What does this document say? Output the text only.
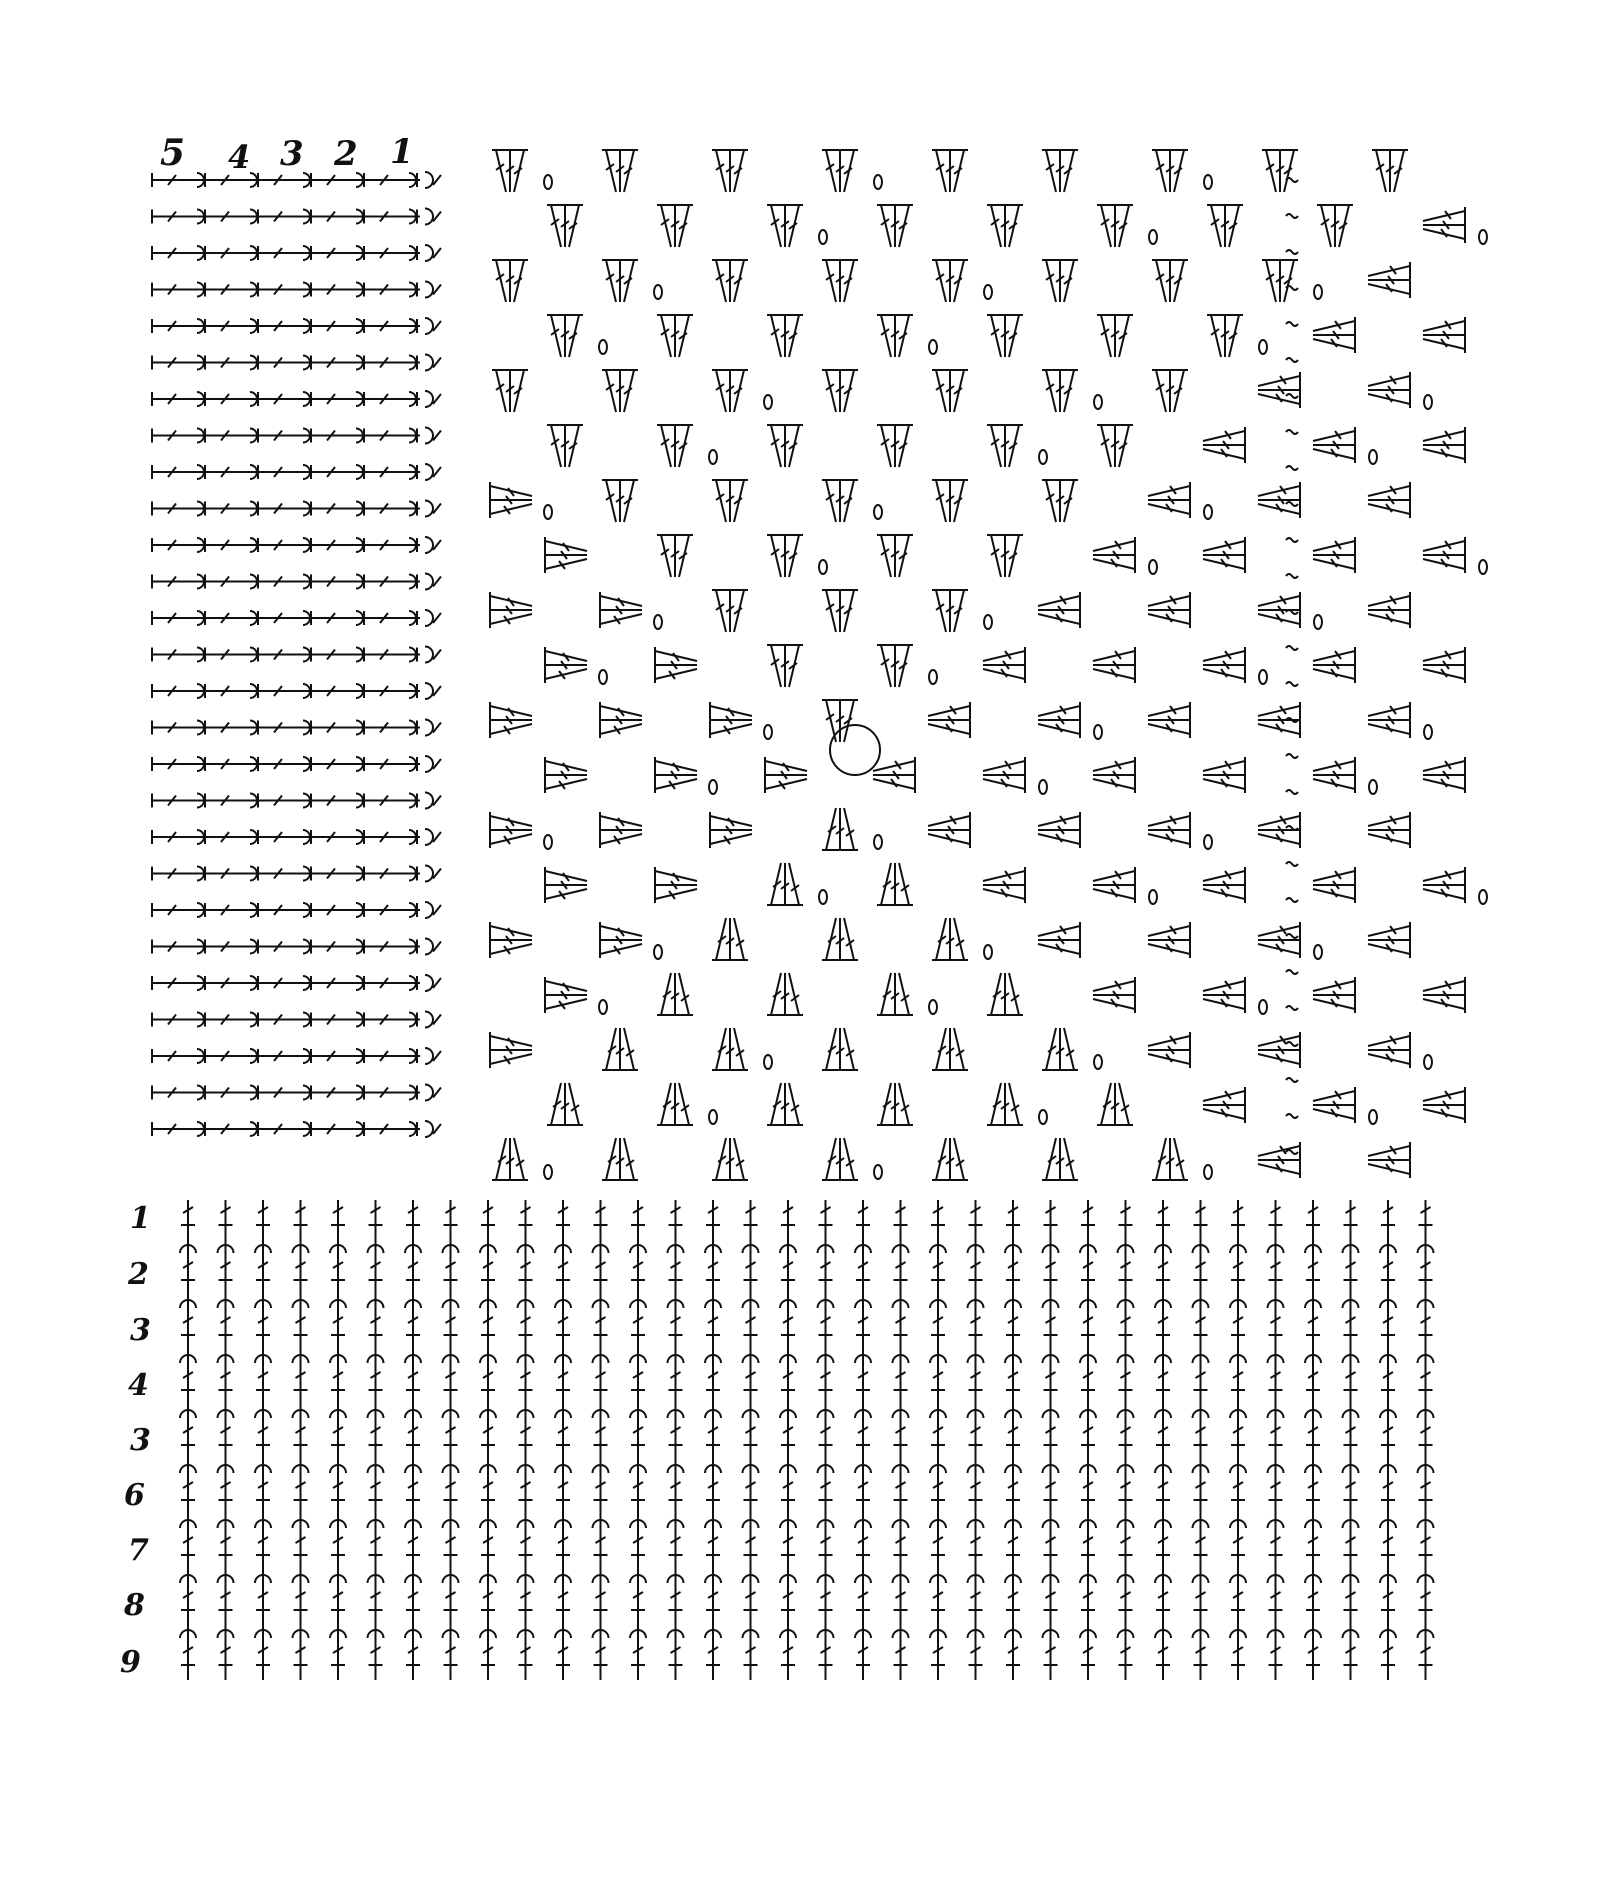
5 4 3 2 1
1
2
3
4
3
6
7
8
9
